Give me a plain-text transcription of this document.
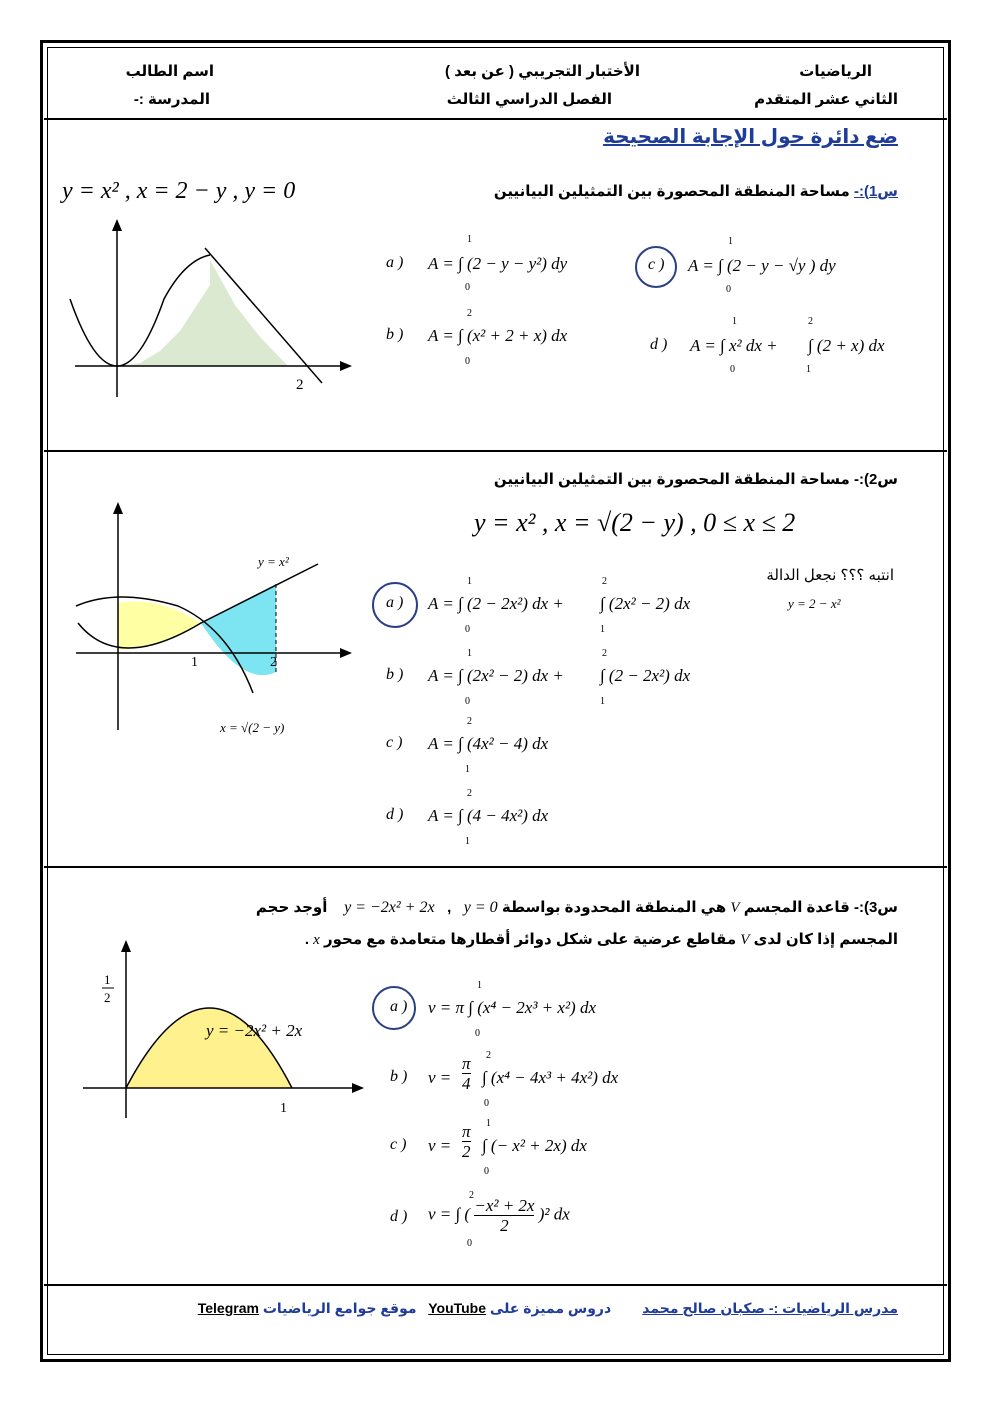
الرياضيات
الثاني عشر المتقدم
الأختبار التجريبي ( عن بعد )
الفصل الدراسي الثالث
اسم الطالب
المدرسة :-
ضع دائرة حول الإجابة الصحيحة
س1):- مساحة المنطقة المحصورة بين التمثيلين البيانيين
y = x² , x = 2 − y , y = 0
2
c )
1
0
A = ∫ (2 − y − √y ) dy
a )
1
0
A = ∫ (2 − y − y²) dy
b )
2
0
A = ∫ (x² + 2 + x) dx	d )
1
0
A = ∫ x² dx +
2
1
∫ (2 + x) dx
س2):- مساحة المنطقة المحصورة بين التمثيلين البيانيين
y = x² , x = √(2 − y) , 0 ≤ x ≤ 2
انتبه ؟؟؟ نجعل الدالة
y = 2 − x²
y = x²
x = √(2 − y)
1	2
a )
1
0
A = ∫ (2 − 2x²) dx +
2
1
∫ (2x² − 2) dx
b )
1
0
A = ∫ (2x² − 2) dx +
2
1
∫ (2 − 2x²) dx
c )
2
1
A = ∫ (4x² − 4) dx
d )
2
1
A = ∫ (4 − 4x²) dx
س3):- قاعدة المجسم V هي المنطقة المحدودة بواسطة y = −2x² + 2x , y = 0    أوجد حجم
المجسم إذا كان لدى V مقاطع عرضية على شكل دوائر أقطارها متعامدة مع محور x .
1
2
y = −2x² + 2x
1
a )
1
0
v = π ∫ (x⁴ − 2x³ + x²) dx
b ) $v = \frac{\pi}{4} 2$
0
∫ (x⁴ − 4x³ + 4x²) dx
c ) $v = \frac{\pi}{2} 1$
0
∫ (− x² + 2x) dx
d )
2
0
v = ∫ ( $\frac{\text{−x² + 2x}}{2} )^2$ dx
مدرس الرياضيات :- صكبان صالح محمد        دروس مميزة على YouTube   موقع جوامع الرياضيات Telegram
